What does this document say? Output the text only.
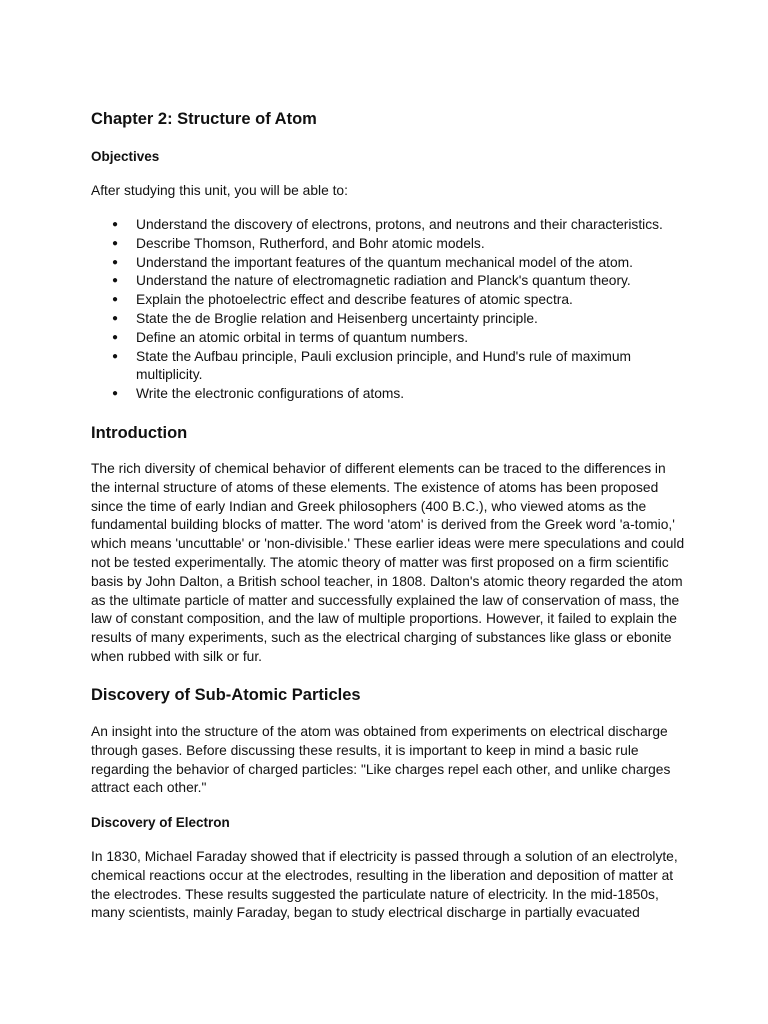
Chapter 2: Structure of Atom
Objectives

After studying this unit, you will be able to:

● Understand the discovery of electrons, protons, and neutrons and their characteristics.
● Describe Thomson, Rutherford, and Bohr atomic models.
● Understand the important features of the quantum mechanical model of the atom.
● Understand the nature of electromagnetic radiation and Planck's quantum theory.
● Explain the photoelectric effect and describe features of atomic spectra.
● State the de Broglie relation and Heisenberg uncertainty principle.
● Define an atomic orbital in terms of quantum numbers.
● State the Aufbau principle, Pauli exclusion principle, and Hund's rule of maximum multiplicity.
● Write the electronic configurations of atoms.
Introduction

The rich diversity of chemical behavior of different elements can be traced to the differences in the internal structure of atoms of these elements. The existence of atoms has been proposed since the time of early Indian and Greek philosophers (400 B.C.), who viewed atoms as the fundamental building blocks of matter. The word 'atom' is derived from the Greek word 'a-tomio,' which means 'uncuttable' or 'non-divisible.' These earlier ideas were mere speculations and could not be tested experimentally. The atomic theory of matter was first proposed on a firm scientific basis by John Dalton, a British school teacher, in 1808. Dalton's atomic theory regarded the atom as the ultimate particle of matter and successfully explained the law of conservation of mass, the law of constant composition, and the law of multiple proportions. However, it failed to explain the results of many experiments, such as the electrical charging of substances like glass or ebonite when rubbed with silk or fur.

Discovery of Sub-Atomic Particles

An insight into the structure of the atom was obtained from experiments on electrical discharge through gases. Before discussing these results, it is important to keep in mind a basic rule regarding the behavior of charged particles: "Like charges repel each other, and unlike charges attract each other."

Discovery of Electron

In 1830, Michael Faraday showed that if electricity is passed through a solution of an electrolyte, chemical reactions occur at the electrodes, resulting in the liberation and deposition of matter at the electrodes. These results suggested the particulate nature of electricity. In the mid-1850s, many scientists, mainly Faraday, began to study electrical discharge in partially evacuated
